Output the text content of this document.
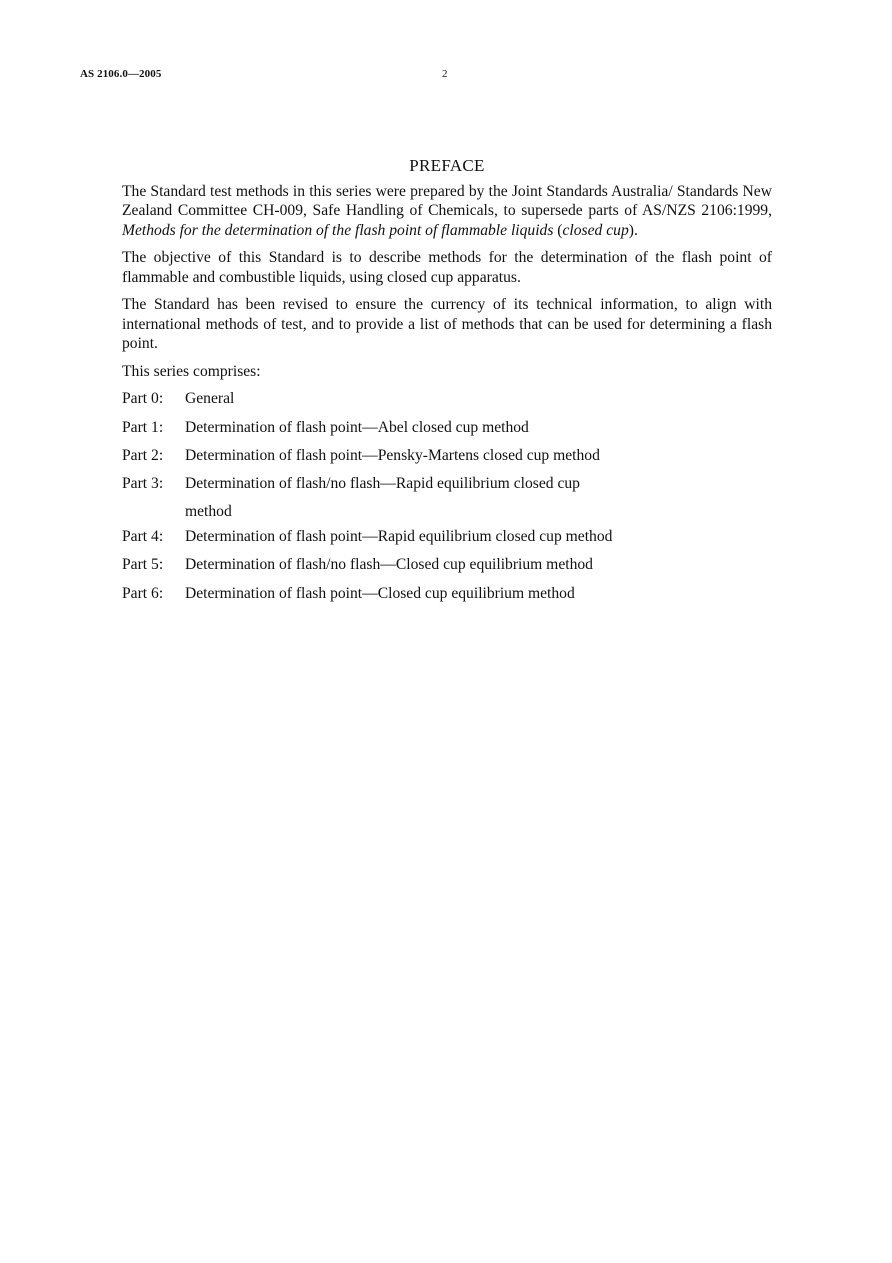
AS 2106.0—2005	2
PREFACE

The Standard test methods in this series were prepared by the Joint Standards Australia/ Standards New Zealand Committee CH-009, Safe Handling of Chemicals, to supersede parts of AS/NZS 2106:1999, Methods for the determination of the flash point of flammable liquids (closed cup).

The objective of this Standard is to describe methods for the determination of the flash point of flammable and combustible liquids, using closed cup apparatus.

The Standard has been revised to ensure the currency of its technical information, to align with international methods of test, and to provide a list of methods that can be used for determining a flash point.

This series comprises:

Part 0:	General
Part 1:	Determination of flash point—Abel closed cup method
Part 2:	Determination of flash point—Pensky-Martens closed cup method
Part 3:	Determination of flash/no flash—Rapid equilibrium closed cup method
Part 4:	Determination of flash point—Rapid equilibrium closed cup method
Part 5:	Determination of flash/no flash—Closed cup equilibrium method
Part 6:	Determination of flash point—Closed cup equilibrium method
